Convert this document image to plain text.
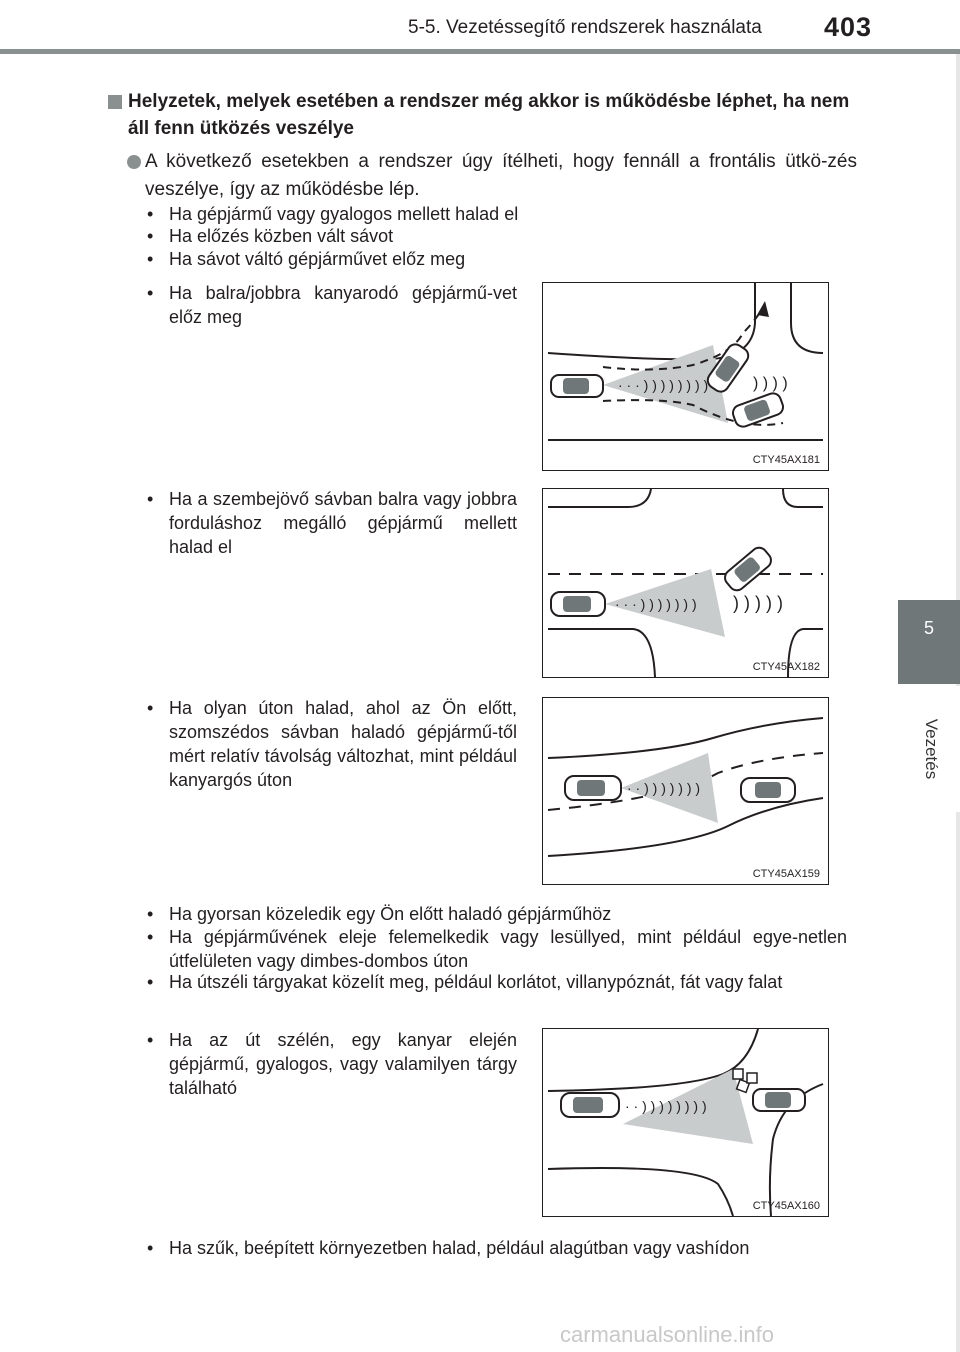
5-5. Vezetéssegítő rendszerek használata 403
5
Vezetés
Helyzetek, melyek esetében a rendszer még akkor is működésbe léphet, ha nem áll fenn ütközés veszélye
A következő esetekben a rendszer úgy ítélheti, hogy fennáll a frontális ütkö-zés veszélye, így az működésbe lép.
• Ha gépjármű vagy gyalogos mellett halad el
• Ha előzés közben vált sávot
• Ha sávot váltó gépjárművet előz meg
• Ha balra/jobbra kanyarodó gépjármű-vet előz meg
· · · ) ) ) ) ) ) ) )	) ) ) )
CTY45AX181
• Ha a szembejövő sávban balra vagy jobbra forduláshoz megálló gépjármű mellett halad el
· · · ) ) ) ) ) ) ) ) ) ) ) )
CTY45AX182
• Ha olyan úton halad, ahol az Ön előtt, szomszédos sávban haladó gépjármű-től mért relatív távolság változhat, mint például kanyargós úton	· · ) ) ) ) ) ) )
CTY45AX159
• Ha gyorsan közeledik egy Ön előtt haladó gépjárműhöz
• Ha gépjárművének eleje felemelkedik vagy lesüllyed, mint például egye-netlen útfelületen vagy dimbes-dombos úton
• Ha útszéli tárgyakat közelít meg, például korlátot, villanypóznát, fát vagy falat
• Ha az út szélén, egy kanyar elején gépjármű, gyalogos, vagy valamilyen tárgy található
· · ) ) ) ) ) ) ) )
CTY45AX160
• Ha szűk, beépített környezetben halad, például alagútban vagy vashídon
carmanualsonline.info
